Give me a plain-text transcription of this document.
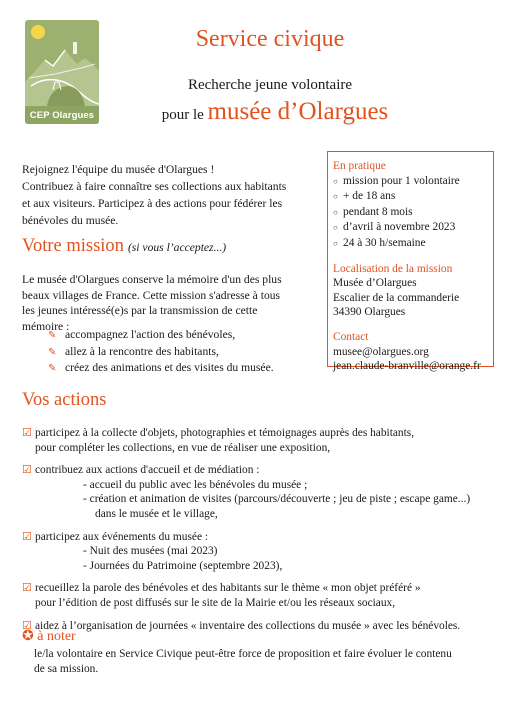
CEP Olargues
Service civique
Recherche jeune volontaire
pour le musée d’Olargues
Rejoignez l'équipe du musée d'Olargues !
Contribuez à faire connaître ses collections aux habitants
et aux visiteurs. Participez à des actions pour fédérer les
bénévoles du musée.
Votre mission (si vous l’acceptez...)
Le musée d'Olargues conserve la mémoire d'un des plus
beaux villages de France. Cette mission s'adresse à tous
les jeunes intéressé(e)s par la transmission de cette
mémoire :
✎ accompagnez l'action des bénévoles,
✎ allez à la rencontre des habitants,
✎ créez des animations et des visites du musée.
En pratique
○ mission pour 1 volontaire
○ + de 18 ans
○ pendant 8 mois
○ d’avril à novembre 2023
○ 24 à 30 h/semaine
Localisation de la mission
Musée d’Olargues
Escalier de la commanderie
34390 Olargues
Contact
musee@olargues.org
jean.claude-branville@orange.fr
Vos actions
☑ participez à la collecte d'objets, photographies et témoignages auprès des habitants,
pour compléter les collections, en vue de réaliser une exposition,
☑ contribuez aux actions d'accueil et de médiation :
- accueil du public avec les bénévoles du musée ;
- création et animation de visites (parcours/découverte ; jeu de piste ; escape game...)
dans le musée et le village,
☑ participez aux événements du musée :
- Nuit des musées (mai 2023)
- Journées du Patrimoine (septembre 2023),
☑ recueillez la parole des bénévoles et des habitants sur le thème « mon objet préféré »
pour l’édition de post diffusés sur le site de la Mairie et/ou les réseaux sociaux,
☑ aidez à l’organisation de journées « inventaire des collections du musée » avec les bénévoles.
✪ à noter
le/la volontaire en Service Civique peut-être force de proposition et faire évoluer le contenu
de sa mission.
